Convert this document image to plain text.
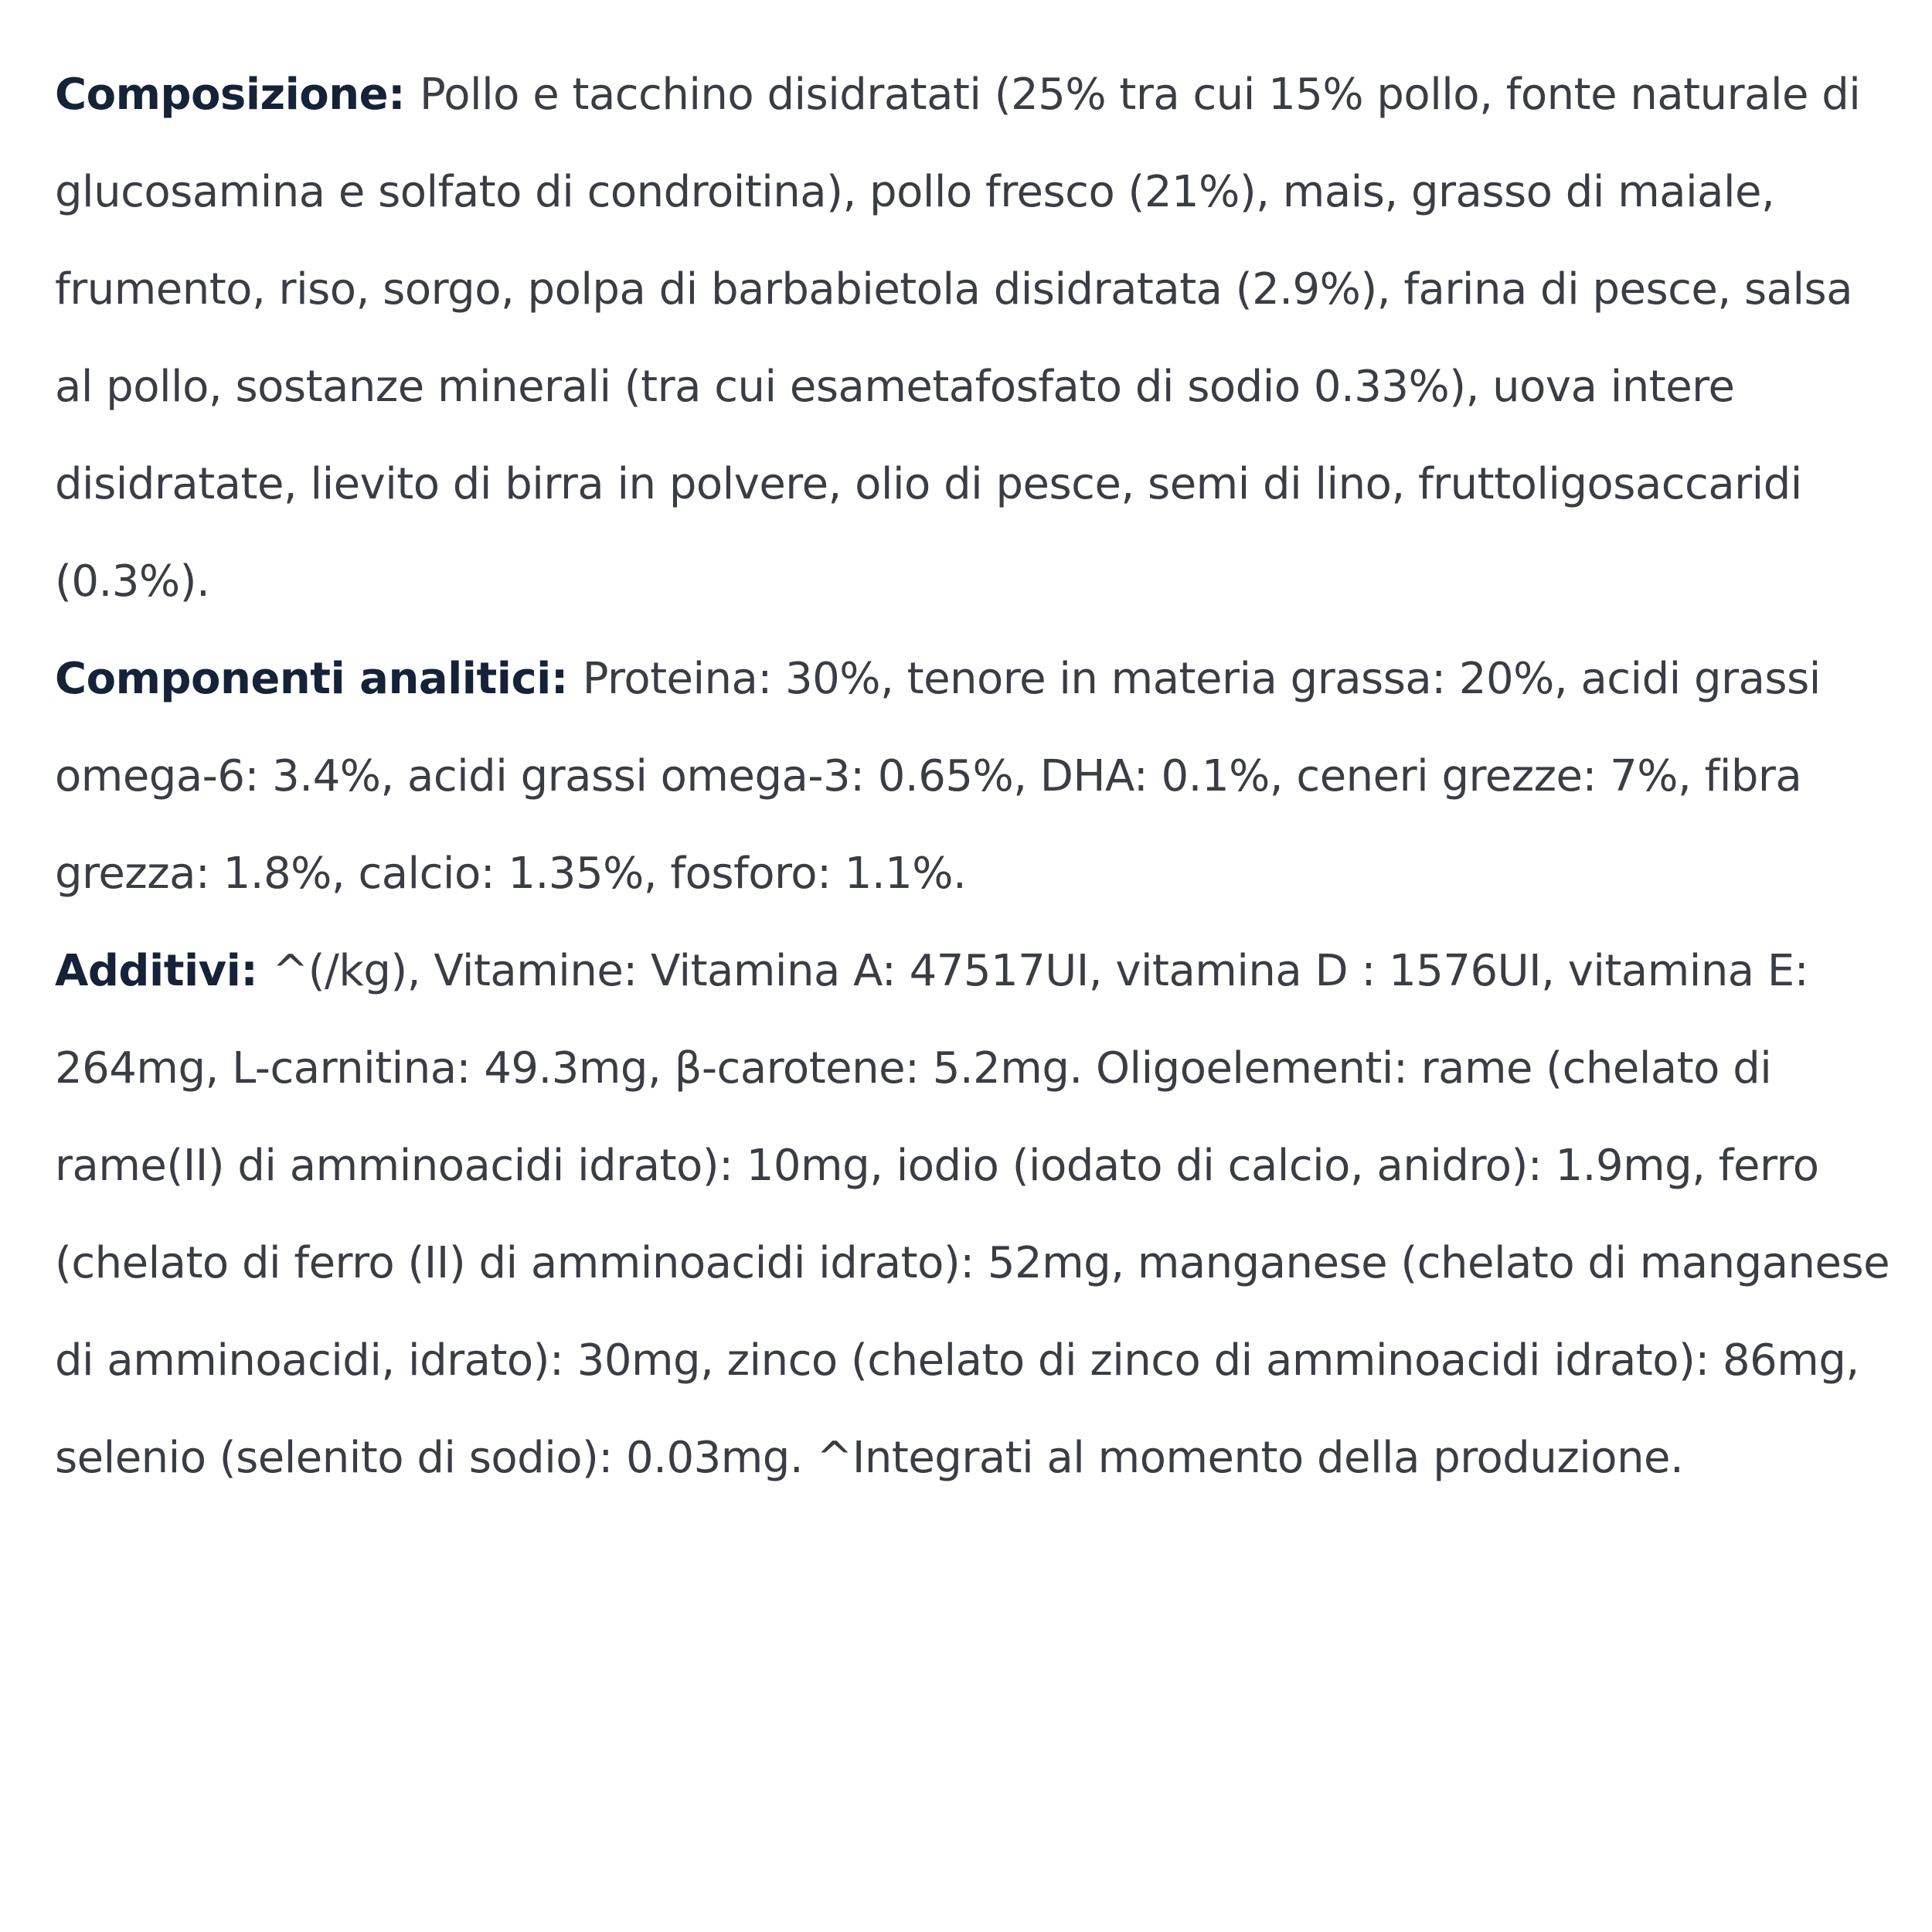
Composizione: Pollo e tacchino disidratati (25% tra cui 15% pollo, fonte naturale di glucosamina e solfato di condroitina), pollo fresco (21%), mais, grasso di maiale, frumento, riso, sorgo, polpa di barbabietola disidratata (2.9%), farina di pesce, salsa al pollo, sostanze minerali (tra cui esametafosfato di sodio 0.33%), uova intere disidratate, lievito di birra in polvere, olio di pesce, semi di lino, fruttoligosaccaridi (0.3%).

Componenti analitici: Proteina: 30%, tenore in materia grassa: 20%, acidi grassi omega-6: 3.4%, acidi grassi omega-3: 0.65%, DHA: 0.1%, ceneri grezze: 7%, fibra grezza: 1.8%, calcio: 1.35%, fosforo: 1.1%.

Additivi: ^(/kg), Vitamine: Vitamina A: 47517UI, vitamina D : 1576UI, vitamina E: 264mg, L-carnitina: 49.3mg, β-carotene: 5.2mg. Oligoelementi: rame (chelato di rame(II) di amminoacidi idrato): 10mg, iodio (iodato di calcio, anidro): 1.9mg, ferro (chelato di ferro (II) di amminoacidi idrato): 52mg, manganese (chelato di manganese di amminoacidi, idrato): 30mg, zinco (chelato di zinco di amminoacidi idrato): 86mg, selenio (selenito di sodio): 0.03mg. ^Integrati al momento della produzione.
